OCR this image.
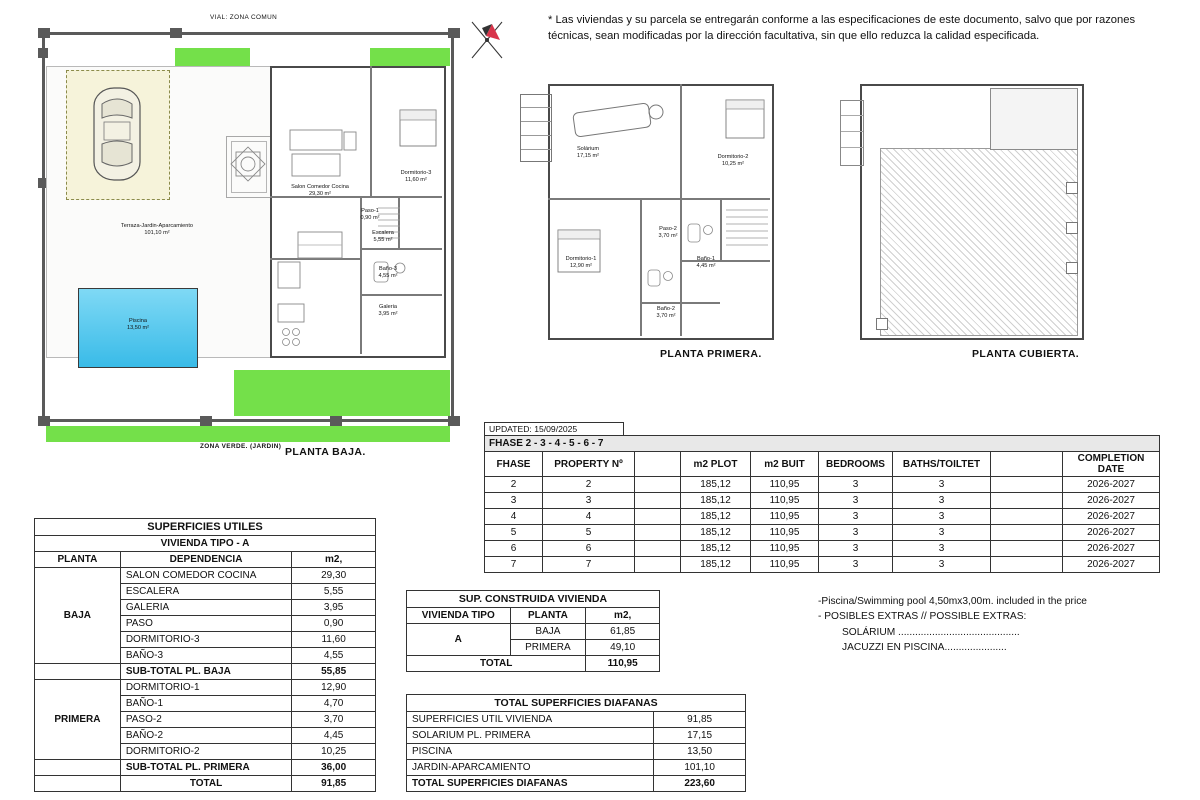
* Las viviendas y su parcela se entregarán conforme a las especificaciones de este documento, salvo que por razones técnicas, sean modificadas por la dirección facultativa, sin que ello reduzca la calidad especificada.
VIAL: ZONA COMUN
Piscina
13,50 m²
Terraza-Jardin-Aparcamiento
101,10 m²
ZONA VERDE. (JARDIN)
Salon Comedor Cocina
29,30 m²
Dormitorio-3
11,60 m²
Paso-1
0,90 m²
Escalera
5,55 m²
Baño-3
4,55 m²
Galeria
3,95 m²
PLANTA BAJA.
Solárium
17,15 m²	Dormitorio-2
10,25 m²
Dormitorio-1
12,90 m²
Paso-2
3,70 m²
Baño-1
4,45 m²
Baño-2
3,70 m²
PLANTA PRIMERA.	PLANTA CUBIERTA.
UPDATED: 15/09/2025
FHASE 2 - 3 - 4 - 5 - 6 - 7								
FHASE	PROPERTY Nº		m2 PLOT	m2 BUIT	BEDROOMS	BATHS/TOILTET		COMPLETION DATE
2	2		185,12	110,95	3	3		2026-2027
3	3		185,12	110,95	3	3		2026-2027
4	4		185,12	110,95	3	3		2026-2027
5	5		185,12	110,95	3	3		2026-2027
6	6		185,12	110,95	3	3		2026-2027
7	7		185,12	110,95	3	3		2026-2027
-Piscina/Swimming pool 4,50mx3,00m. included in the price
- POSIBLES EXTRAS // POSSIBLE EXTRAS:
SOLÁRIUM ...........................................
JACUZZI EN PISCINA......................
SUPERFICIES UTILES		
VIVIENDA TIPO - A		
PLANTA	DEPENDENCIA	m2,
BAJA	SALON COMEDOR COCINA	29,30
	ESCALERA	5,55
	GALERIA	3,95
	PASO	0,90
	DORMITORIO-3	11,60
	BAÑO-3	4,55
	SUB-TOTAL PL. BAJA	55,85
PRIMERA	DORMITORIO-1	12,90
	BAÑO-1	4,70
	PASO-2	3,70
	BAÑO-2	4,45
	DORMITORIO-2	10,25
	SUB-TOTAL PL. PRIMERA	36,00
	TOTAL	91,85
SUP. CONSTRUIDA VIVIENDA		
VIVIENDA TIPO	PLANTA	m2,
A	BAJA	61,85
	PRIMERA	49,10
TOTAL		110,95
TOTAL SUPERFICIES DIAFANAS	
SUPERFICIES UTIL VIVIENDA	91,85
SOLARIUM PL. PRIMERA	17,15
PISCINA	13,50
JARDIN-APARCAMIENTO	101,10
TOTAL SUPERFICIES DIAFANAS	223,60
